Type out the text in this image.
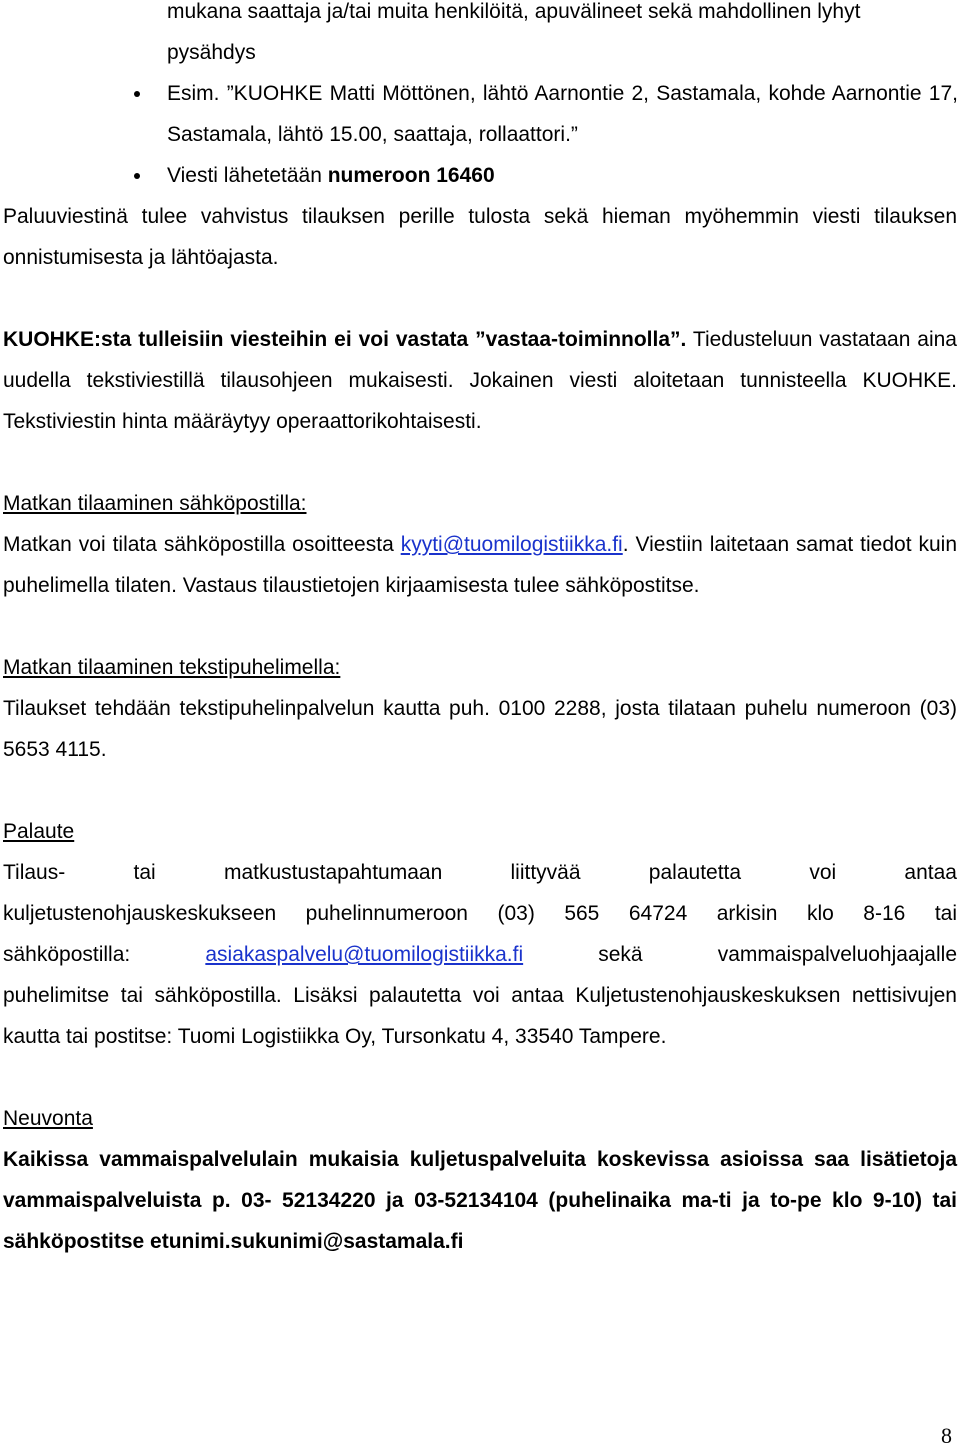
mukana saattaja ja/tai muita henkilöitä, apuvälineet sekä mahdollinen lyhyt
pysähdys
Esim. ”KUOHKE Matti Möttönen, lähtö Aarnontie 2, Sastamala, kohde Aarnontie 17, Sastamala, lähtö 15.00, saattaja, rollaattori.”
Viesti lähetetään numeroon 16460

Paluuviestinä tulee vahvistus tilauksen perille tulosta sekä hieman myöhemmin viesti tilauksen onnistumisesta ja lähtöajasta.

KUOHKE:sta tulleisiin viesteihin ei voi vastata ”vastaa-toiminnolla”. Tiedusteluun vastataan aina uudella tekstiviestillä tilausohjeen mukaisesti. Jokainen viesti aloitetaan tunnisteella KUOHKE. Tekstiviestin hinta määräytyy operaattorikohtaisesti.

Matkan tilaaminen sähköpostilla:

Matkan voi tilata sähköpostilla osoitteesta kyyti@tuomilogistiikka.fi. Viestiin laitetaan samat tiedot kuin puhelimella tilaten. Vastaus tilaustietojen kirjaamisesta tulee sähköpostitse.

Matkan tilaaminen tekstipuhelimella:

Tilaukset tehdään tekstipuhelinpalvelun kautta puh. 0100 2288, josta tilataan puhelu numeroon (03) 5653 4115.

Palaute

Tilaus- tai matkustustapahtumaan liittyvää palautetta voi antaa

kuljetustenohjauskeskukseen puhelinnumeroon (03) 565 64724 arkisin klo 8-16 tai

sähköpostilla: asiakaspalvelu@tuomilogistiikka.fi sekä vammaispalveluohjaajalle

puhelimitse tai sähköpostilla. Lisäksi palautetta voi antaa Kuljetustenohjauskeskuksen nettisivujen kautta tai postitse: Tuomi Logistiikka Oy, Tursonkatu 4, 33540 Tampere.

Neuvonta

Kaikissa vammaispalvelulain mukaisia kuljetuspalveluita koskevissa asioissa saa lisätietoja vammaispalveluista p. 03- 52134220 ja 03-52134104 (puhelinaika ma-ti ja to-pe klo 9-10) tai sähköpostitse etunimi.sukunimi@sastamala.fi

8
